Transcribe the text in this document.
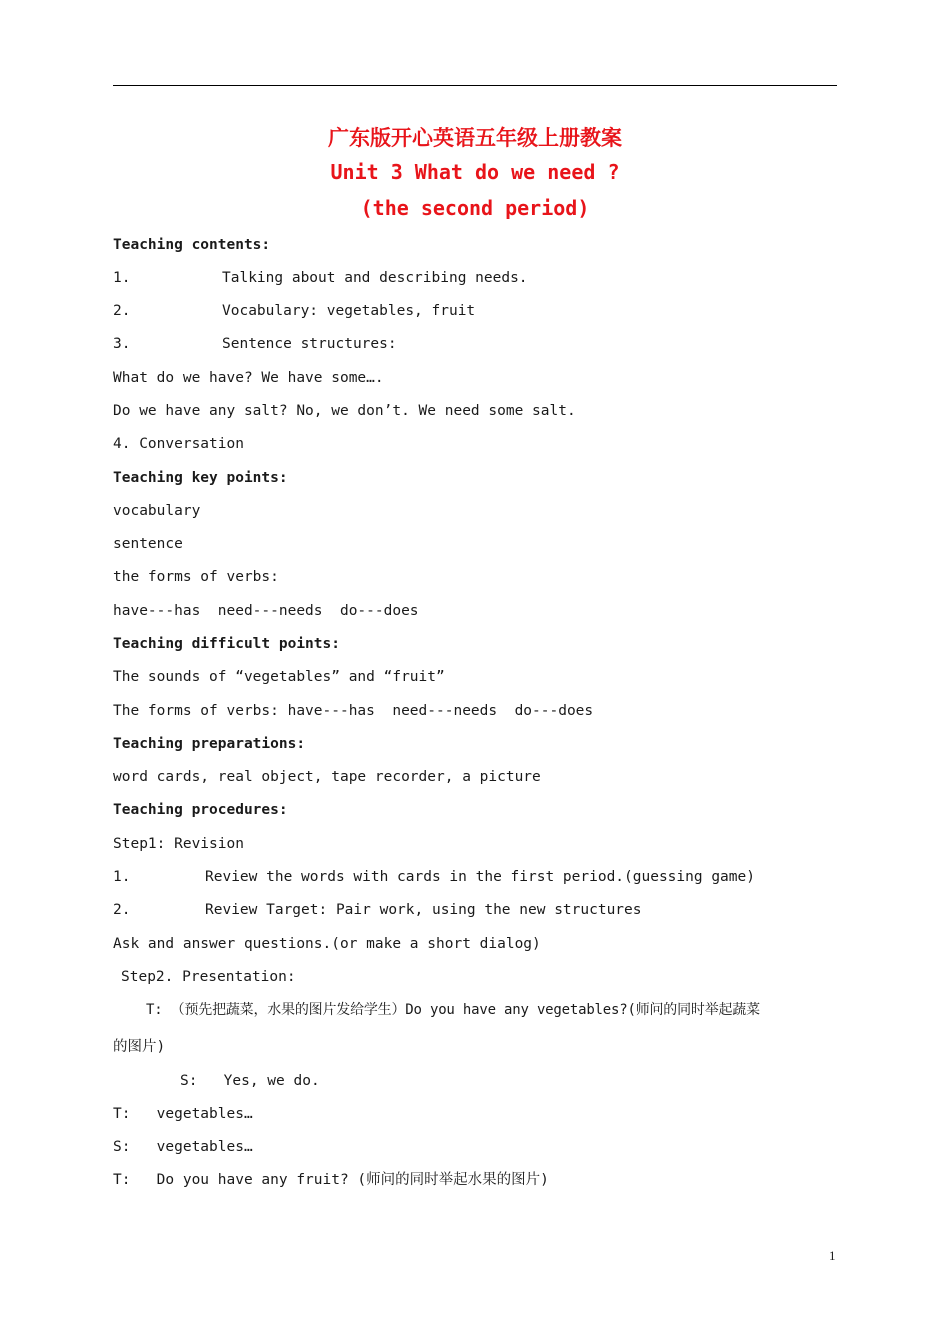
广东版开心英语五年级上册教案
Unit 3 What do we need ?
(the second period)
Teaching contents:
1.	Talking about and describing needs.
2.	Vocabulary: vegetables, fruit
3.	Sentence structures:
What do we have? We have some….
Do we have any salt? No, we don’t. We need some salt.
4. Conversation
Teaching key points:
vocabulary
sentence
the forms of verbs:
have---has  need---needs  do---does
Teaching difficult points:
The sounds of “vegetables” and “fruit”
The forms of verbs: have---has  need---needs  do---does
Teaching preparations:
word cards, real object, tape recorder, a picture
Teaching procedures:
Step1: Revision
1.	Review the words with cards in the first period.(guessing game)
2.	Review Target: Pair work, using the new structures
Ask and answer questions.(or make a short dialog)
Step2. Presentation:
T: （预先把蔬菜，水果的图片发给学生）Do you have any vegetables?(师问的同时举起蔬菜
的图片)
S:   Yes, we do.
T:   vegetables…
S:   vegetables…
T:   Do you have any fruit? (师问的同时举起水果的图片)
1
